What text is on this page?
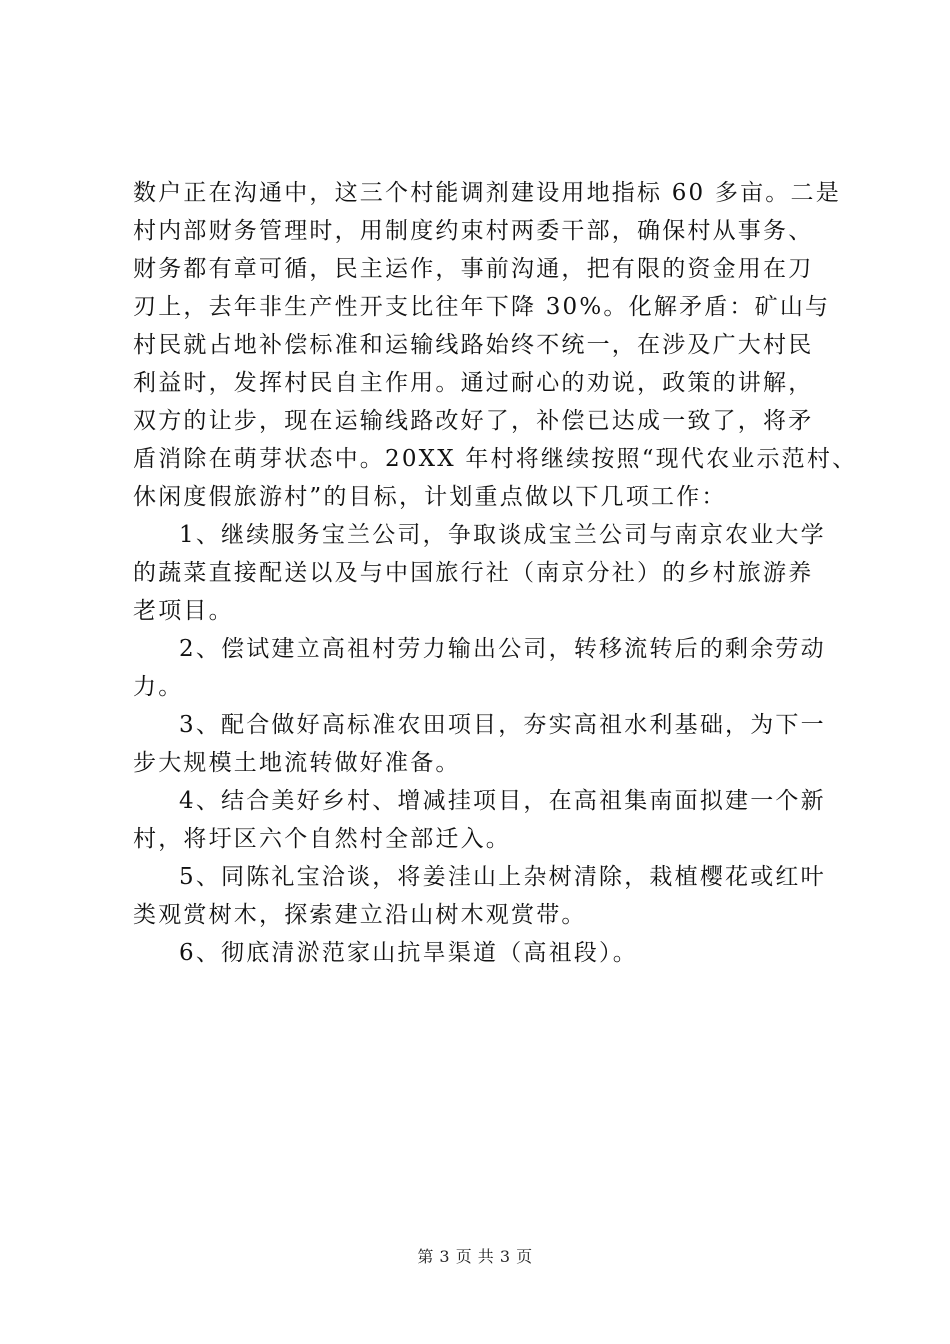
数户正在沟通中，这三个村能调剂建设用地指标 60 多亩。二是
村内部财务管理时，用制度约束村两委干部，确保村从事务、
财务都有章可循，民主运作，事前沟通，把有限的资金用在刀
刃上，去年非生产性开支比往年下降 30%。化解矛盾：矿山与
村民就占地补偿标准和运输线路始终不统一，在涉及广大村民
利益时，发挥村民自主作用。通过耐心的劝说，政策的讲解，
双方的让步，现在运输线路改好了，补偿已达成一致了，将矛
盾消除在萌芽状态中。20XX 年村将继续按照“现代农业示范村、
休闲度假旅游村”的目标，计划重点做以下几项工作：
1、继续服务宝兰公司，争取谈成宝兰公司与南京农业大学
的蔬菜直接配送以及与中国旅行社（南京分社）的乡村旅游养
老项目。
2、偿试建立高祖村劳力输出公司，转移流转后的剩余劳动
力。
3、配合做好高标准农田项目，夯实高祖水利基础，为下一
步大规模土地流转做好准备。
4、结合美好乡村、增减挂项目，在高祖集南面拟建一个新
村，将圩区六个自然村全部迁入。
5、同陈礼宝洽谈，将姜洼山上杂树清除，栽植樱花或红叶
类观赏树木，探索建立沿山树木观赏带。
6、彻底清淤范家山抗旱渠道（高祖段）。
第 3 页 共 3 页
